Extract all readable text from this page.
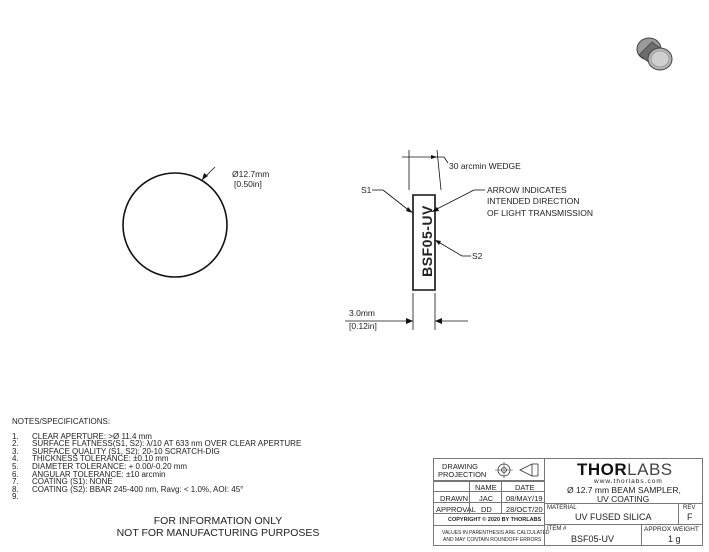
Ø12.7mm
[0.50in]
BSF05-UV
30 arcmin WEDGE
S1
S2
ARROW INDICATES
INTENDED DIRECTION
OF LIGHT TRANSMISSION
3.0mm
[0.12in]
NOTES/SPECIFICATIONS:
1.	CLEAR APERTURE: >Ø 11.4 mm
2.	SURFACE FLATNESS(S1, S2): λ/10 AT 633 nm OVER CLEAR APERTURE
3.	SURFACE QUALITY (S1, S2): 20-10 SCRATCH-DIG
4.	THICKNESS TOLERANCE: ±0.10 mm
5.	DIAMETER TOLERANCE: + 0.00/-0.20 mm
6.	ANGULAR TOLERANCE: ±10 arcmin
7.	COATING (S1): NONE
8.	COATING (S2): BBAR 245-400 nm, Ravg: < 1.0%, AOI: 45°
9.
FOR INFORMATION ONLY
NOT FOR MANUFACTURING PURPOSES
DRAWING
PROJECTION
NAME DATE
DRAWN JAC 08/MAY/19
APPROVAL DD 28/OCT/20
COPYRIGHT © 2020 BY THORLABS
VALUES IN PARENTHESIS ARE CALCULATED
AND MAY CONTAIN ROUNDOFF ERRORS
THORLABS
www.thorlabs.com
Ø 12.7 mm BEAM SAMPLER,
UV COATING
MATERIAL
UV FUSED SILICA
REV
F
ITEM #
BSF05-UV
APPROX WEIGHT
1 g
